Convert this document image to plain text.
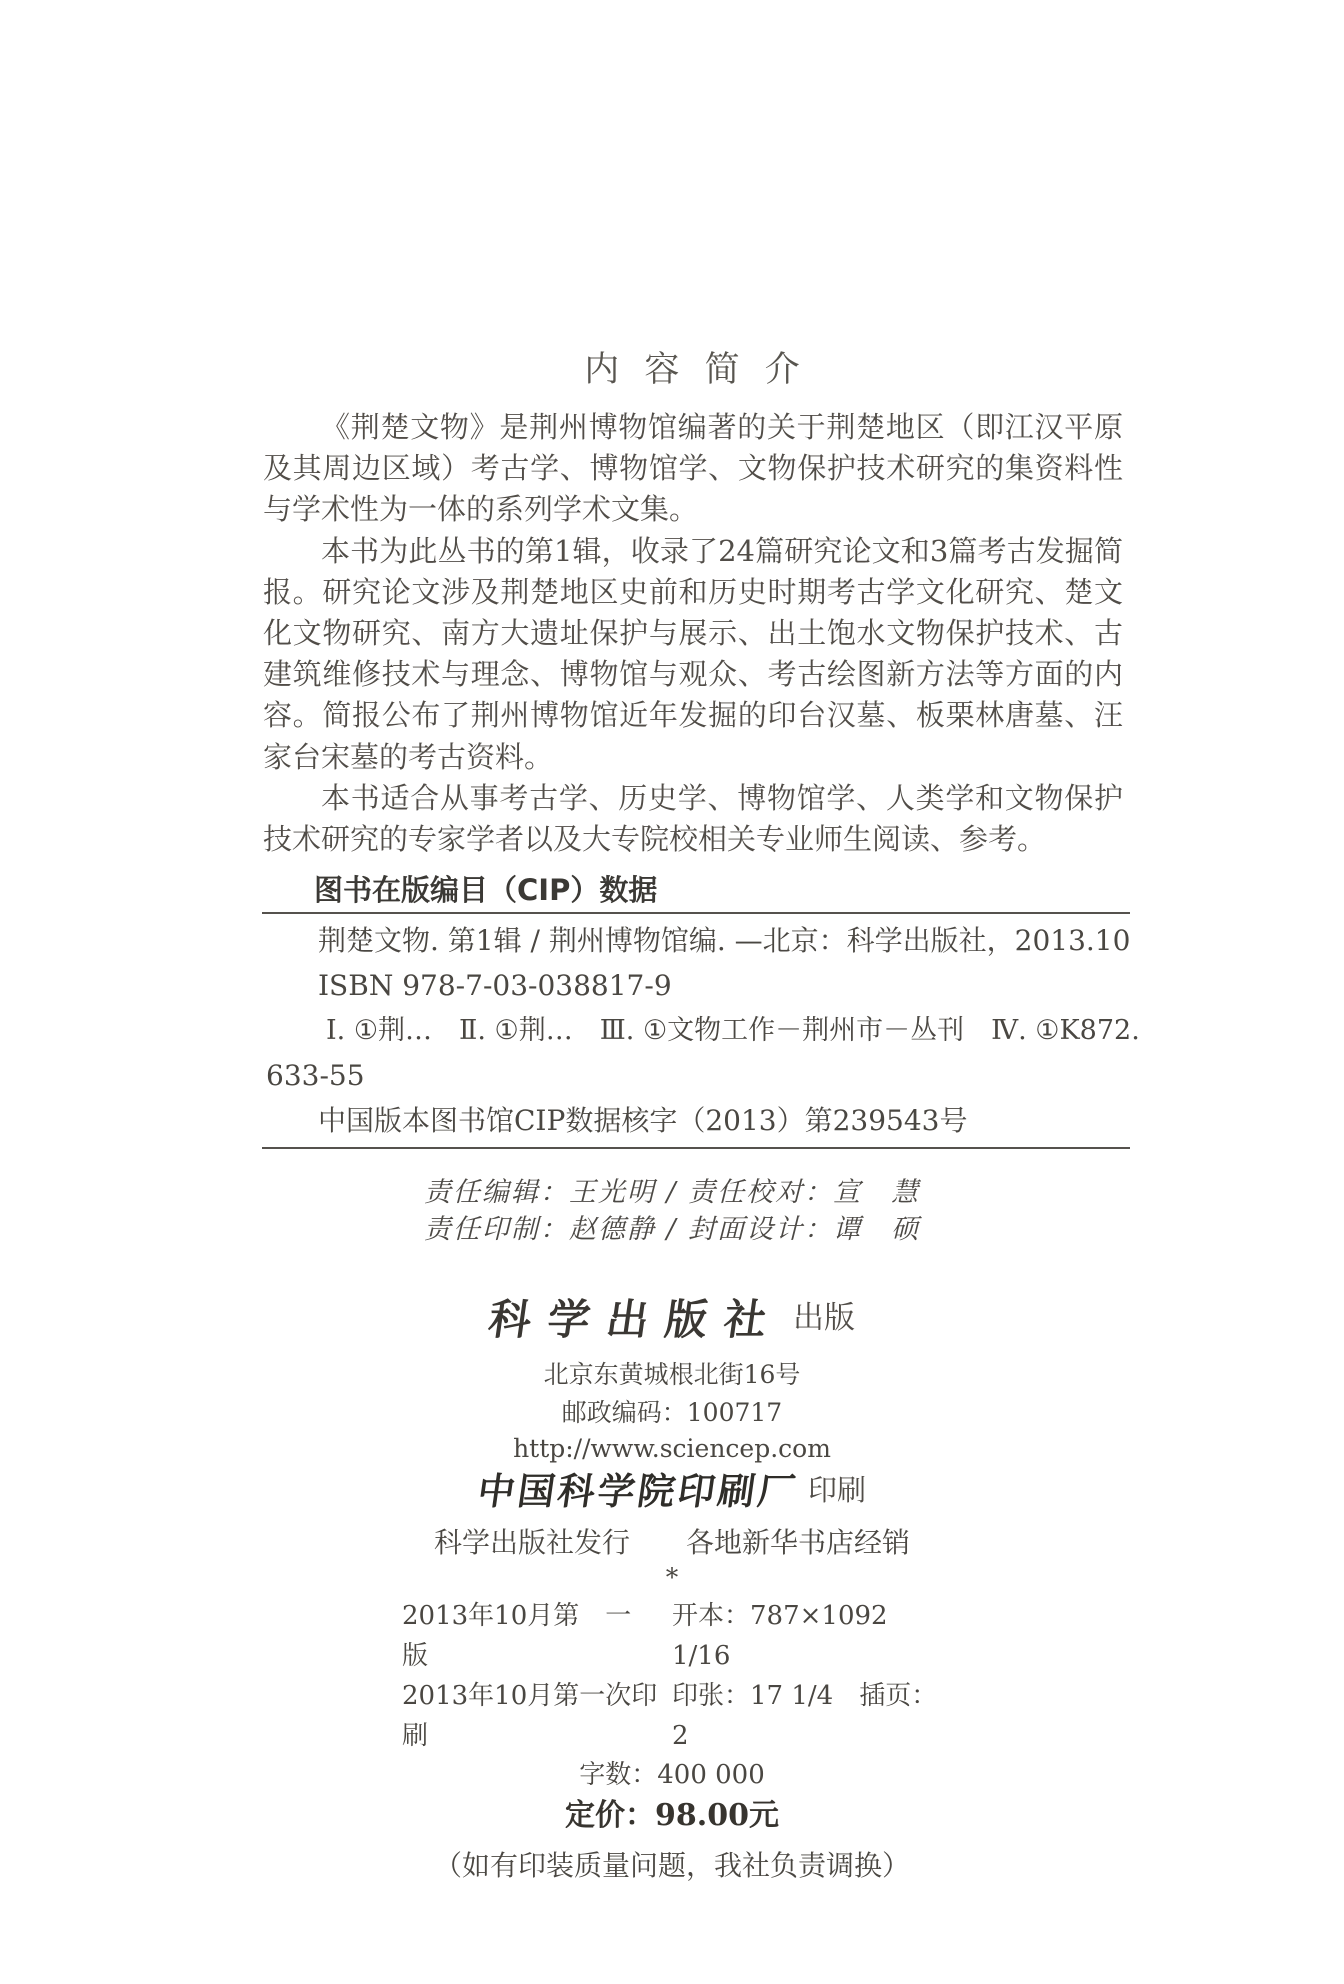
内容简介

《荆楚文物》是荆州博物馆编著的关于荆楚地区（即江汉平原及其周边区域）考古学、博物馆学、文物保护技术研究的集资料性与学术性为一体的系列学术文集。

本书为此丛书的第1辑，收录了24篇研究论文和3篇考古发掘简报。研究论文涉及荆楚地区史前和历史时期考古学文化研究、楚文化文物研究、南方大遗址保护与展示、出土饱水文物保护技术、古建筑维修技术与理念、博物馆与观众、考古绘图新方法等方面的内容。简报公布了荆州博物馆近年发掘的印台汉墓、板栗林唐墓、汪家台宋墓的考古资料。

本书适合从事考古学、历史学、博物馆学、人类学和文物保护技术研究的专家学者以及大专院校相关专业师生阅读、参考。

图书在版编目（CIP）数据
荆楚文物. 第1辑 / 荆州博物馆编. —北京：科学出版社，2013.10
ISBN 978-7-03-038817-9
Ⅰ. ①荆…　Ⅱ. ①荆…　Ⅲ. ①文物工作－荆州市－丛刊　Ⅳ. ①K872.
633-55
中国版本图书馆CIP数据核字（2013）第239543号
责任编辑：王光明 / 责任校对：宣　慧
责任印制：赵德静 / 封面设计：谭　硕
科学出版社 出版
北京东黄城根北街16号
邮政编码：100717
http://www.sciencep.com
中国科学院印刷厂 印刷
科学出版社发行　　各地新华书店经销
*
2013年10月第　一　版
开本：787×1092　1/16
2013年10月第一次印刷
印张：17 1/4　插页：2
字数：400 000
定价：98.00元
（如有印装质量问题，我社负责调换）
